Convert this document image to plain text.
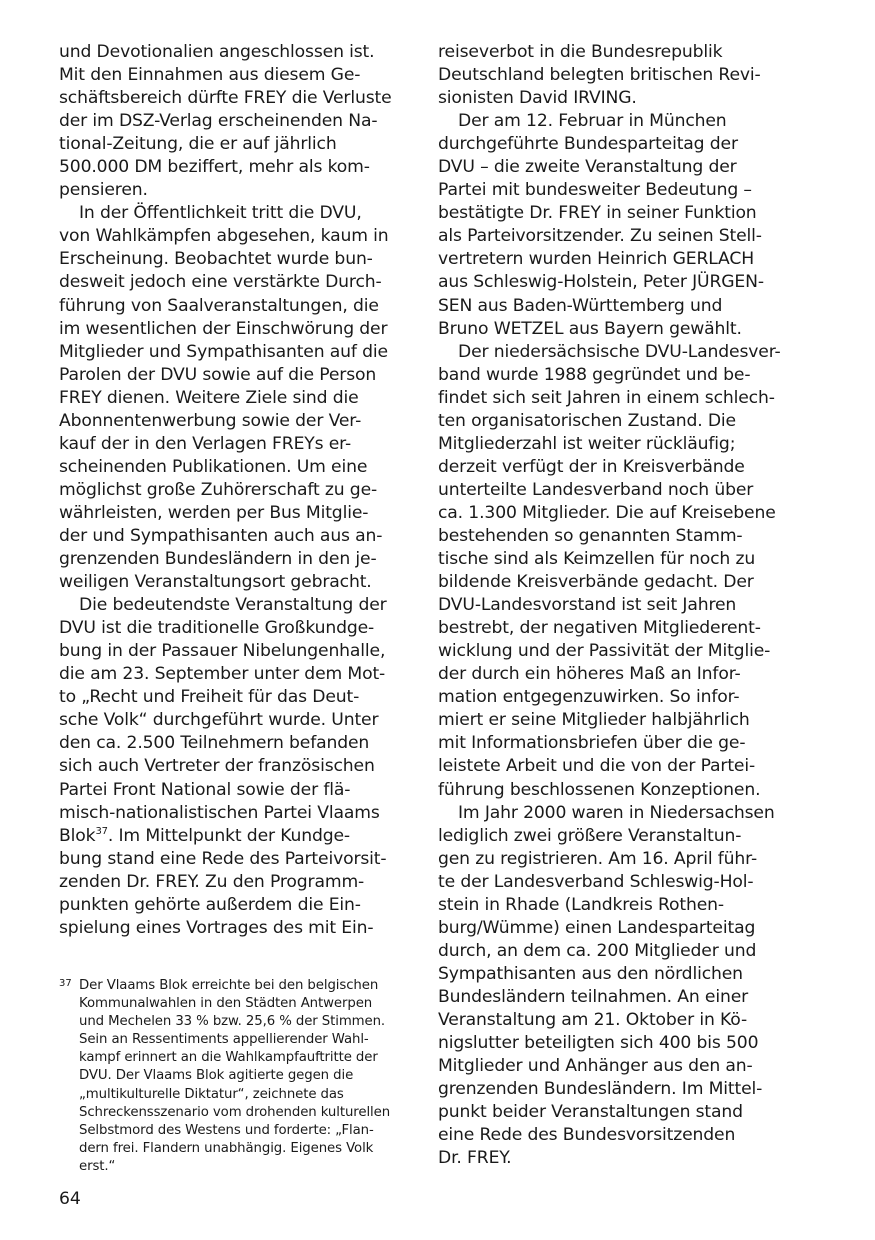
und Devotionalien angeschlossen ist.
Mit den Einnahmen aus diesem Ge-
schäftsbereich dürfte FREY die Verluste
der im DSZ-Verlag erscheinenden Na-
tional-Zeitung, die er auf jährlich
500.000 DM beziffert, mehr als kom-
pensieren.
In der Öffentlichkeit tritt die DVU,
von Wahlkämpfen abgesehen, kaum in
Erscheinung. Beobachtet wurde bun-
desweit jedoch eine verstärkte Durch-
führung von Saalveranstaltungen, die
im wesentlichen der Einschwörung der
Mitglieder und Sympathisanten auf die
Parolen der DVU sowie auf die Person
FREY dienen. Weitere Ziele sind die
Abonnentenwerbung sowie der Ver-
kauf der in den Verlagen FREYs er-
scheinenden Publikationen. Um eine
möglichst große Zuhörerschaft zu ge-
währleisten, werden per Bus Mitglie-
der und Sympathisanten auch aus an-
grenzenden Bundesländern in den je-
weiligen Veranstaltungsort gebracht.
Die bedeutendste Veranstaltung der
DVU ist die traditionelle Großkundge-
bung in der Passauer Nibelungenhalle,
die am 23. September unter dem Mot-
to „Recht und Freiheit für das Deut-
sche Volk“ durchgeführt wurde. Unter
den ca. 2.500 Teilnehmern befanden
sich auch Vertreter der französischen
Partei Front National sowie der flä-
misch-nationalistischen Partei Vlaams
Blok$^{37}$. Im Mittelpunkt der Kundge-
bung stand eine Rede des Parteivorsit-
zenden Dr. FREY. Zu den Programm-
punkten gehörte außerdem die Ein-
spielung eines Vortrages des mit Ein-
reiseverbot in die Bundesrepublik
Deutschland belegten britischen Revi-
sionisten David IRVING.
Der am 12. Februar in München
durchgeführte Bundesparteitag der
DVU – die zweite Veranstaltung der
Partei mit bundesweiter Bedeutung –
bestätigte Dr. FREY in seiner Funktion
als Parteivorsitzender. Zu seinen Stell-
vertretern wurden Heinrich GERLACH
aus Schleswig-Holstein, Peter JÜRGEN-
SEN aus Baden-Württemberg und
Bruno WETZEL aus Bayern gewählt.
Der niedersächsische DVU-Landesver-
band wurde 1988 gegründet und be-
findet sich seit Jahren in einem schlech-
ten organisatorischen Zustand. Die
Mitgliederzahl ist weiter rückläufig;
derzeit verfügt der in Kreisverbände
unterteilte Landesverband noch über
ca. 1.300 Mitglieder. Die auf Kreisebene
bestehenden so genannten Stamm-
tische sind als Keimzellen für noch zu
bildende Kreisverbände gedacht. Der
DVU-Landesvorstand ist seit Jahren
bestrebt, der negativen Mitgliederent-
wicklung und der Passivität der Mitglie-
der durch ein höheres Maß an Infor-
mation entgegenzuwirken. So infor-
miert er seine Mitglieder halbjährlich
mit Informationsbriefen über die ge-
leistete Arbeit und die von der Partei-
führung beschlossenen Konzeptionen.
Im Jahr 2000 waren in Niedersachsen
lediglich zwei größere Veranstaltun-
gen zu registrieren. Am 16. April führ-
te der Landesverband Schleswig-Hol-
stein in Rhade (Landkreis Rothen-
burg/Wümme) einen Landesparteitag
durch, an dem ca. 200 Mitglieder und
Sympathisanten aus den nördlichen
Bundesländern teilnahmen. An einer
Veranstaltung am 21. Oktober in Kö-
nigslutter beteiligten sich 400 bis 500
Mitglieder und Anhänger aus den an-
grenzenden Bundesländern. Im Mittel-
punkt beider Veranstaltungen stand
eine Rede des Bundesvorsitzenden
Dr. FREY.
37 Der Vlaams Blok erreichte bei den belgischen
Kommunalwahlen in den Städten Antwerpen
und Mechelen 33 % bzw. 25,6 % der Stimmen.
Sein an Ressentiments appellierender Wahl-
kampf erinnert an die Wahlkampfauftritte der
DVU. Der Vlaams Blok agitierte gegen die
„multikulturelle Diktatur“, zeichnete das
Schreckensszenario vom drohenden kulturellen
Selbstmord des Westens und forderte: „Flan-
dern frei. Flandern unabhängig. Eigenes Volk
erst.“
64
